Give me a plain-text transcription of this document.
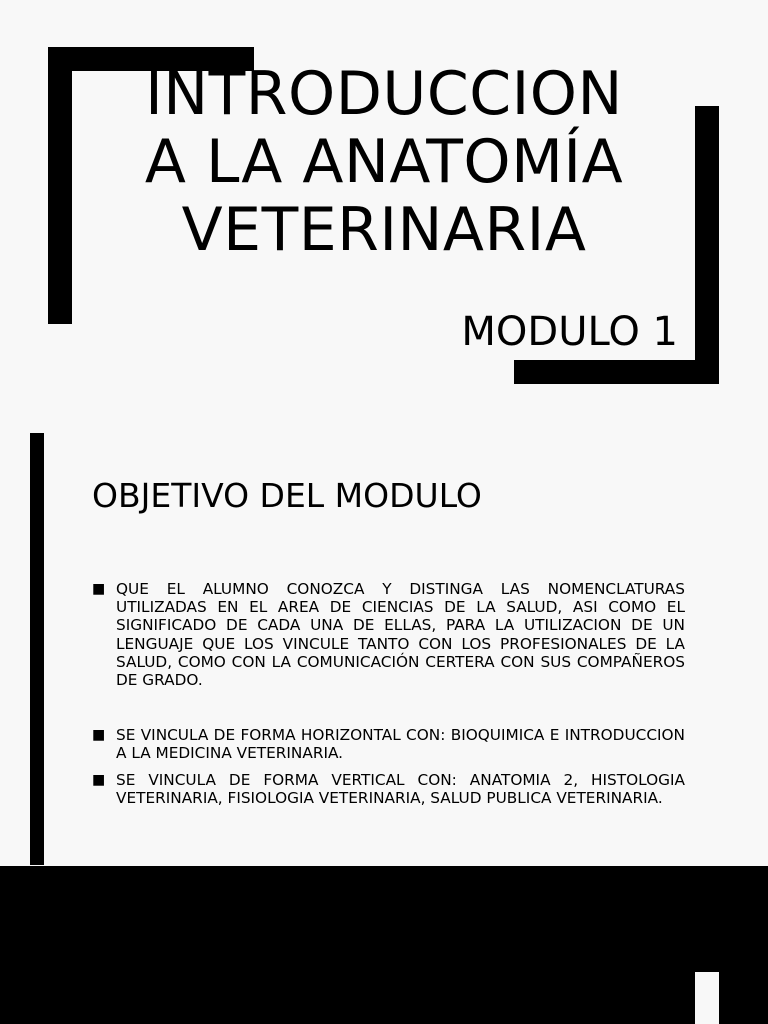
INTRODUCCION
A LA ANATOMÍA
VETERINARIA
MODULO 1
OBJETIVO DEL MODULO
■ QUE EL ALUMNO CONOZCA Y DISTINGA LAS NOMENCLATURAS UTILIZADAS EN EL AREA DE CIENCIAS DE LA SALUD, ASI COMO EL SIGNIFICADO DE CADA UNA DE ELLAS, PARA LA UTILIZACION DE UN LENGUAJE QUE LOS VINCULE TANTO CON LOS PROFESIONALES DE LA SALUD, COMO CON LA COMUNICACIÓN CERTERA CON SUS COMPAÑEROS DE GRADO.
■ SE VINCULA DE FORMA HORIZONTAL CON: BIOQUIMICA E INTRODUCCION A LA MEDICINA VETERINARIA.
■ SE VINCULA DE FORMA VERTICAL CON: ANATOMIA 2, HISTOLOGIA VETERINARIA, FISIOLOGIA VETERINARIA, SALUD PUBLICA VETERINARIA.
